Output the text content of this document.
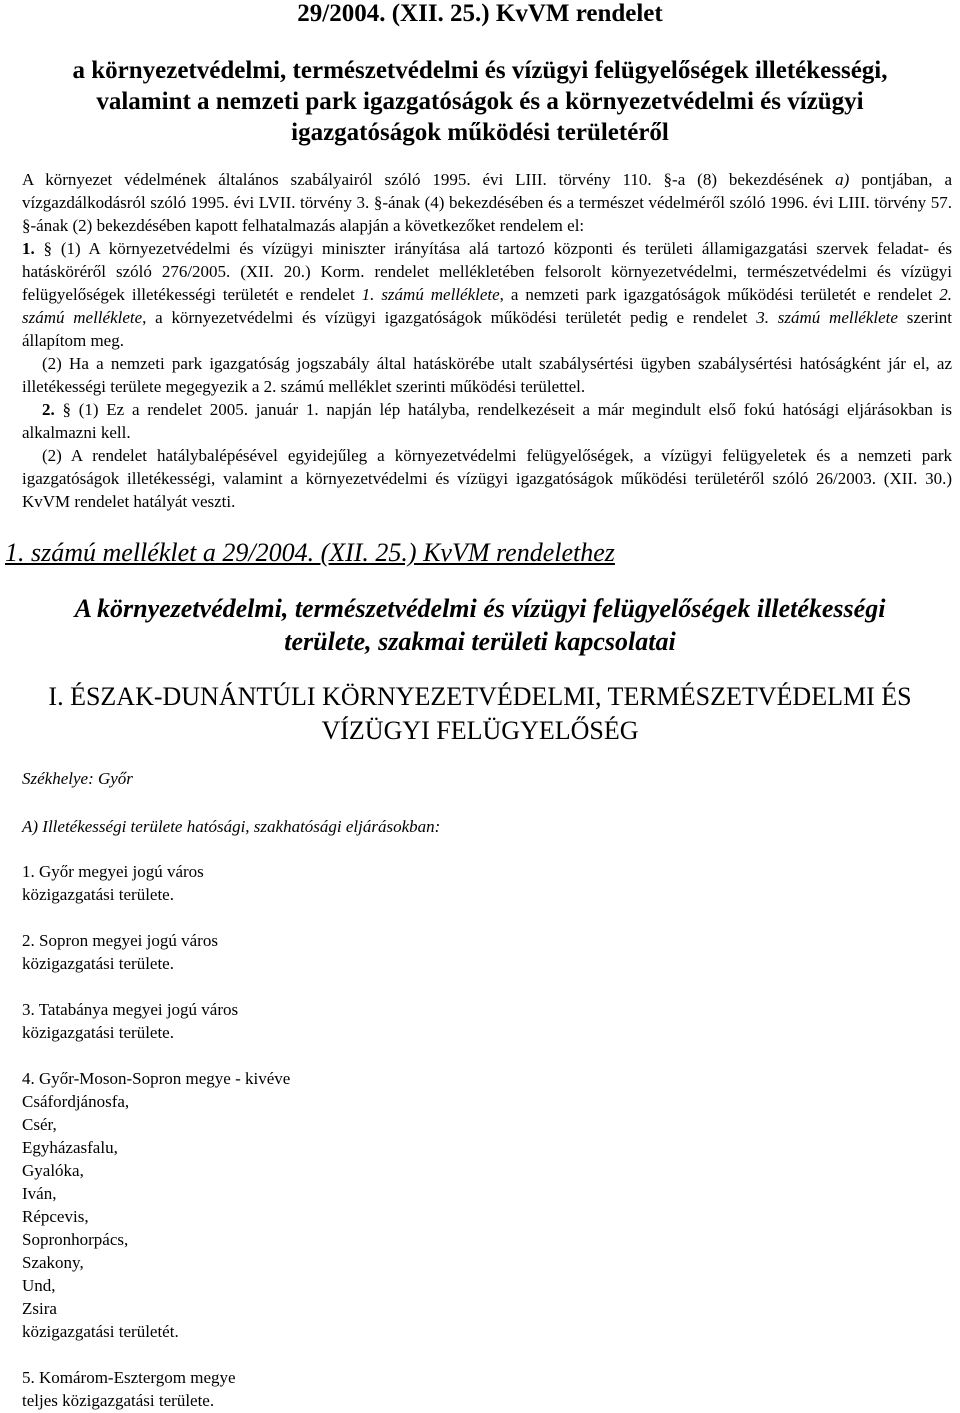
29/2004. (XII. 25.) KvVM rendelet
a környezetvédelmi, természetvédelmi és vízügyi felügyelőségek illetékességi,
valamint a nemzeti park igazgatóságok és a környezetvédelmi és vízügyi
igazgatóságok működési területéről

A környezet védelmének általános szabályairól szóló 1995. évi LIII. törvény 110. §-a (8) bekezdésének a) pontjában, a vízgazdálkodásról szóló 1995. évi LVII. törvény 3. §-ának (4) bekezdésében és a természet védelméről szóló 1996. évi LIII. törvény 57. §-ának (2) bekezdésében kapott felhatalmazás alapján a következőket rendelem el:

1. § (1) A környezetvédelmi és vízügyi miniszter irányítása alá tartozó központi és területi államigazgatási szervek feladat- és hatásköréről szóló 276/2005. (XII. 20.) Korm. rendelet mellékletében felsorolt környezetvédelmi, természetvédelmi és vízügyi felügyelőségek illetékességi területét e rendelet 1. számú melléklete, a nemzeti park igazgatóságok működési területét e rendelet 2. számú melléklete, a környezetvédelmi és vízügyi igazgatóságok működési területét pedig e rendelet 3. számú melléklete szerint állapítom meg.

(2) Ha a nemzeti park igazgatóság jogszabály által hatáskörébe utalt szabálysértési ügyben szabálysértési hatóságként jár el, az illetékességi területe megegyezik a 2. számú melléklet szerinti működési területtel.

2. § (1) Ez a rendelet 2005. január 1. napján lép hatályba, rendelkezéseit a már megindult első fokú hatósági eljárásokban is alkalmazni kell.

(2) A rendelet hatálybalépésével egyidejűleg a környezetvédelmi felügyelőségek, a vízügyi felügyeletek és a nemzeti park igazgatóságok illetékességi, valamint a környezetvédelmi és vízügyi igazgatóságok működési területéről szóló 26/2003. (XII. 30.) KvVM rendelet hatályát veszti.

1. számú melléklet a 29/2004. (XII. 25.) KvVM rendelethez
A környezetvédelmi, természetvédelmi és vízügyi felügyelőségek illetékességi
területe, szakmai területi kapcsolatai
I. ÉSZAK-DUNÁNTÚLI KÖRNYEZETVÉDELMI, TERMÉSZETVÉDELMI ÉS
VÍZÜGYI FELÜGYELŐSÉG

Székhelye: Győr

A) Illetékességi területe hatósági, szakhatósági eljárásokban:

1. Győr megyei jogú város
közigazgatási területe.
2. Sopron megyei jogú város
közigazgatási területe.
3. Tatabánya megyei jogú város
közigazgatási területe.
4. Győr-Moson-Sopron megye - kivéve
Csáfordjánosfa,
Csér,
Egyházasfalu,
Gyalóka,
Iván,
Répcevis,
Sopronhorpács,
Szakony,
Und,
Zsira
közigazgatási területét.
5. Komárom-Esztergom megye
teljes közigazgatási területe.
